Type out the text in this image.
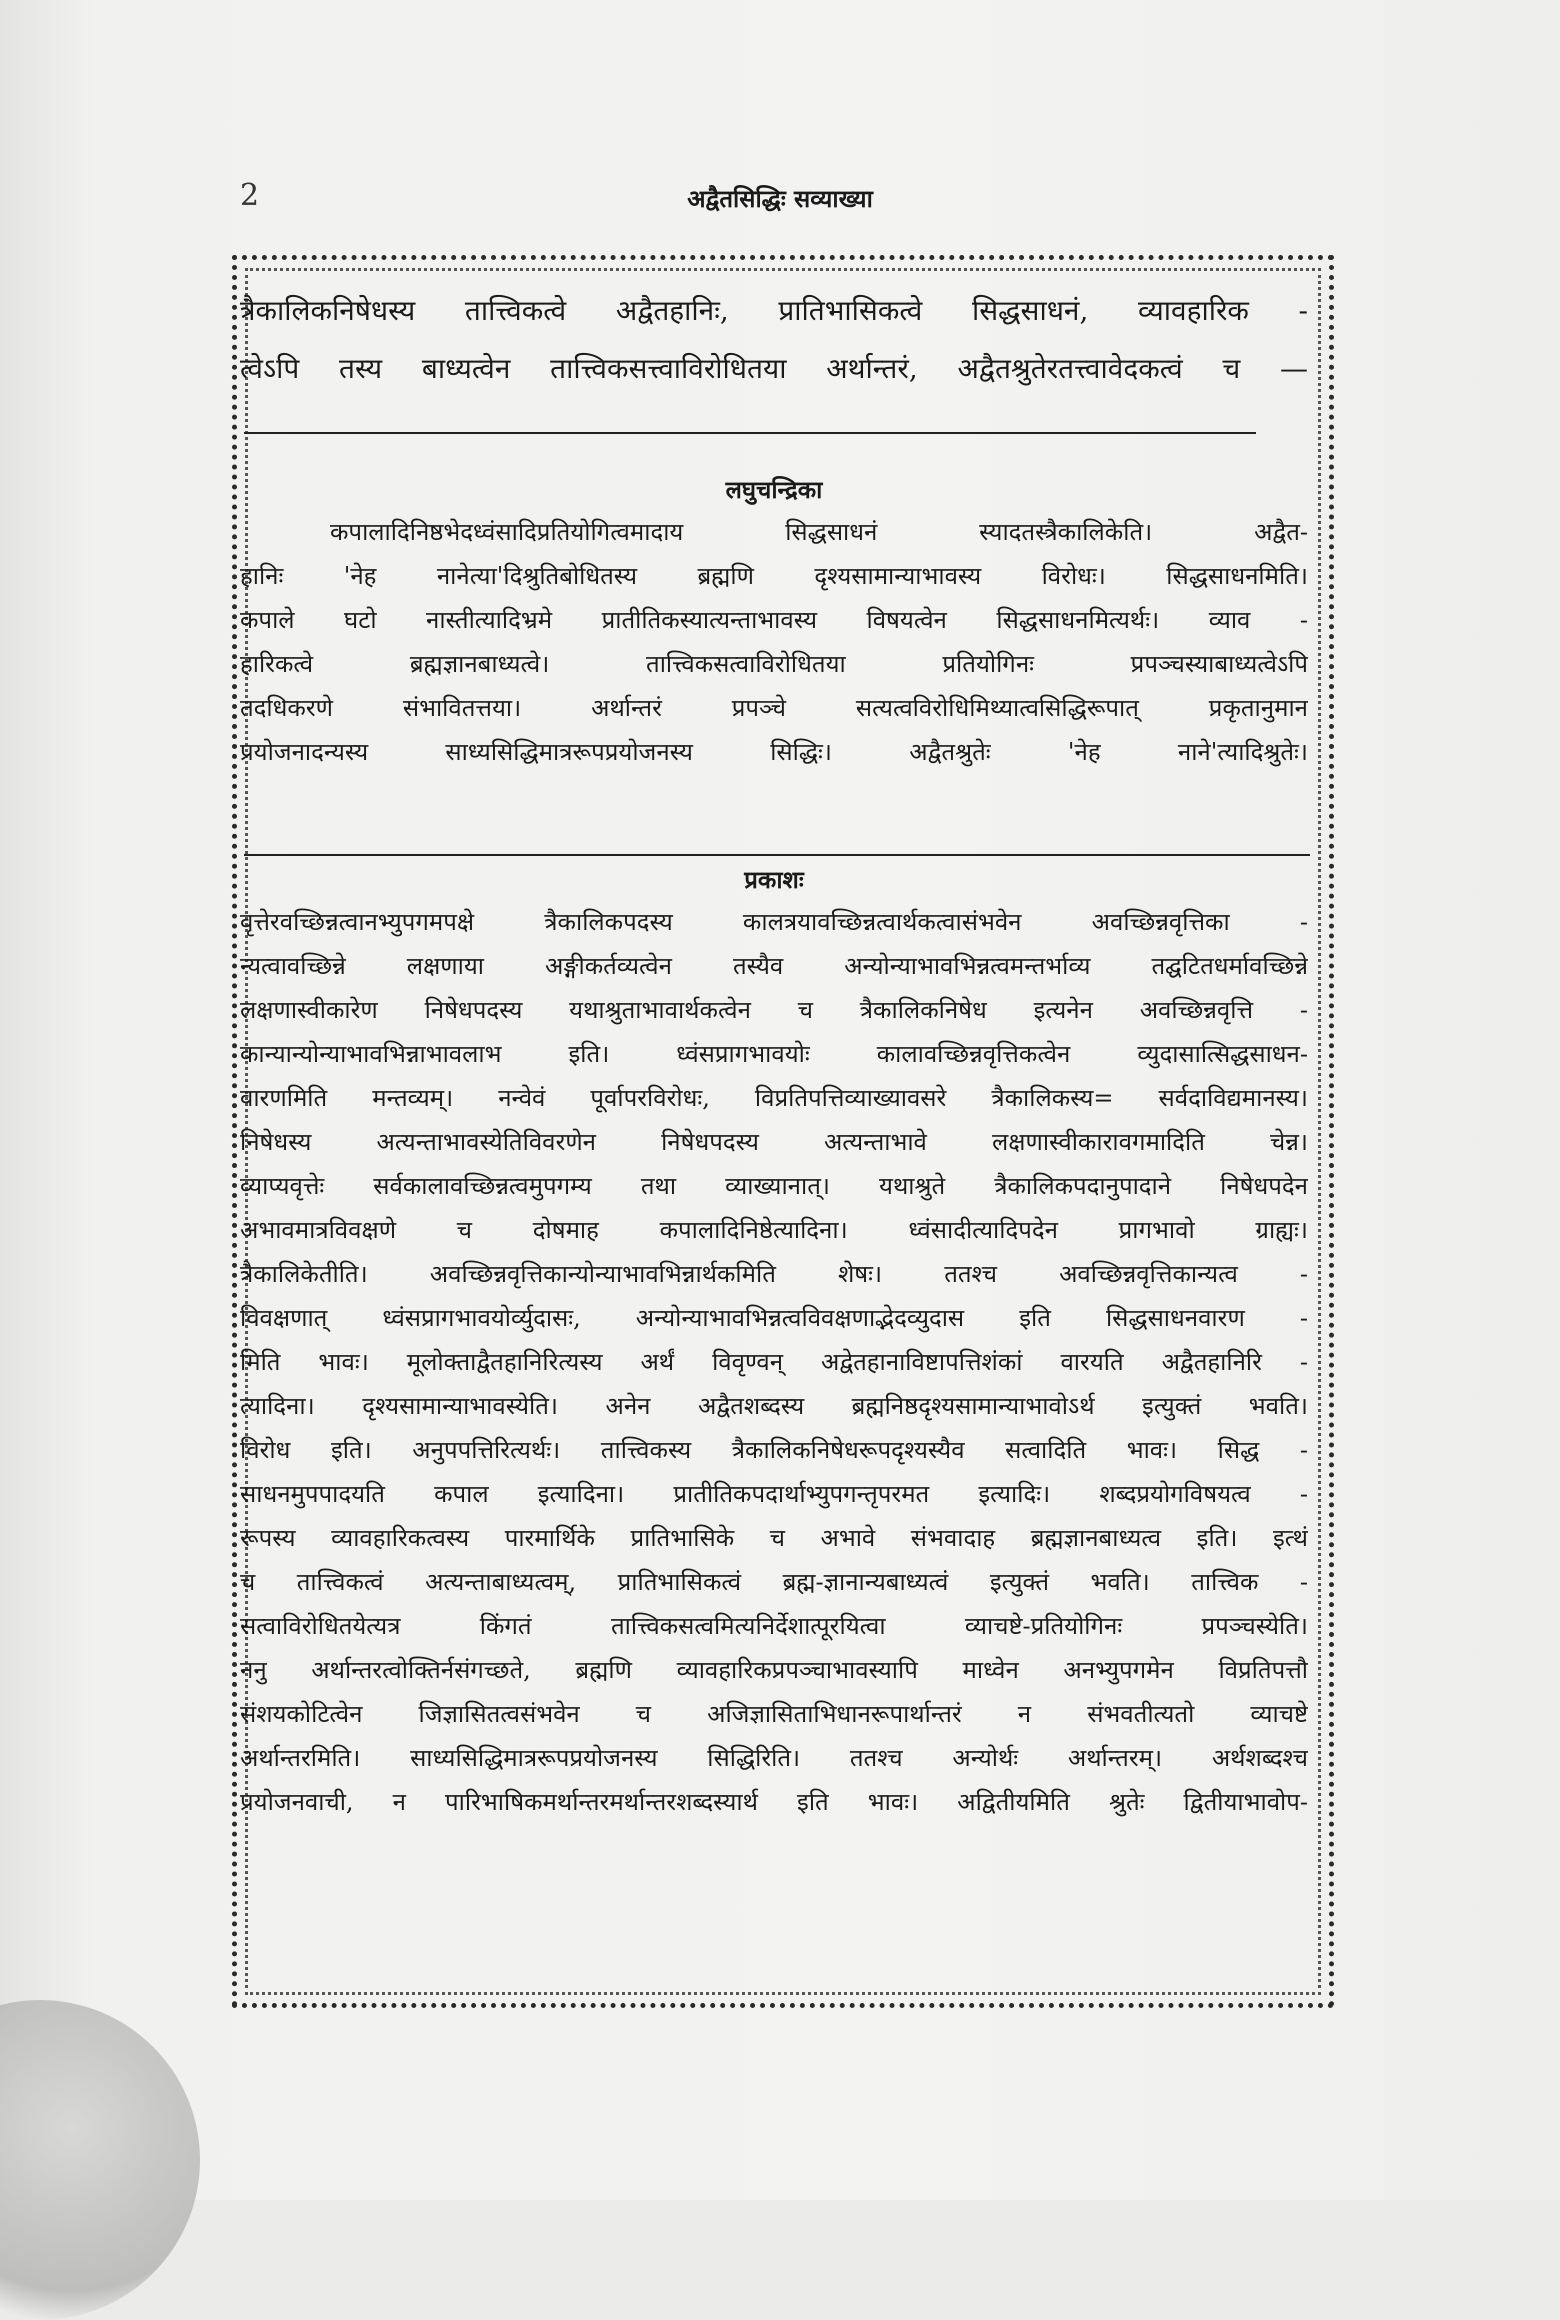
2	अद्वैतसिद्धिः सव्याख्या
त्रैकालिकनिषेधस्य तात्त्विकत्वे अद्वैतहानिः, प्रातिभासिकत्वे सिद्धसाधनं, व्यावहारिक -
त्वेऽपि तस्य बाध्यत्वेन तात्त्विकसत्त्वाविरोधितया अर्थान्तरं, अद्वैतश्रुतेरतत्त्वावेदकत्वं च —
लघुचन्द्रिका
कपालादिनिष्ठभेदध्वंसादिप्रतियोगित्वमादाय सिद्धसाधनं स्यादतस्त्रैकालिकेति। अद्वैत-
हानिः 'नेह नानेत्या'दिश्रुतिबोधितस्य ब्रह्मणि दृश्यसामान्याभावस्य विरोधः। सिद्धसाधनमिति।
कपाले घटो नास्तीत्यादिभ्रमे प्रातीतिकस्यात्यन्ताभावस्य विषयत्वेन सिद्धसाधनमित्यर्थः। व्याव -
हारिकत्वे ब्रह्मज्ञानबाध्यत्वे। तात्त्विकसत्वाविरोधितया प्रतियोगिनः प्रपञ्चस्याबाध्यत्वेऽपि
तदधिकरणे संभावितत्तया। अर्थान्तरं प्रपञ्चे सत्यत्वविरोधिमिथ्यात्वसिद्धिरूपात् प्रकृतानुमान
प्रयोजनादन्यस्य साध्यसिद्धिमात्ररूपप्रयोजनस्य सिद्धिः। अद्वैतश्रुतेः 'नेह नाने'त्यादिश्रुतेः।
प्रकाशः
वृत्तेरवच्छिन्नत्वानभ्युपगमपक्षे त्रैकालिकपदस्य कालत्रयावच्छिन्नत्वार्थकत्वासंभवेन अवच्छिन्नवृत्तिका -
न्यत्वावच्छिन्ने लक्षणाया अङ्गीकर्तव्यत्वेन तस्यैव अन्योन्याभावभिन्नत्वमन्तर्भाव्य तद्घटितधर्मावच्छिन्ने
लक्षणास्वीकारेण निषेधपदस्य यथाश्रुताभावार्थकत्वेन च त्रैकालिकनिषेध इत्यनेन अवच्छिन्नवृत्ति -
कान्यान्योन्याभावभिन्नाभावलाभ इति। ध्वंसप्रागभावयोः कालावच्छिन्नवृत्तिकत्वेन व्युदासात्सिद्धसाधन-
वारणमिति मन्तव्यम्। नन्वेवं पूर्वापरविरोधः, विप्रतिपत्तिव्याख्यावसरे त्रैकालिकस्य= सर्वदाविद्यमानस्य।
निषेधस्य अत्यन्ताभावस्येतिविवरणेन निषेधपदस्य अत्यन्ताभावे लक्षणास्वीकारावगमादिति चेन्न।
व्याप्यवृत्तेः सर्वकालावच्छिन्नत्वमुपगम्य तथा व्याख्यानात्। यथाश्रुते त्रैकालिकपदानुपादाने निषेधपदेन
अभावमात्रविवक्षणे च दोषमाह कपालादिनिष्ठेत्यादिना। ध्वंसादीत्यादिपदेन प्रागभावो ग्राह्यः।
त्रैकालिकेतीति। अवच्छिन्नवृत्तिकान्योन्याभावभिन्नार्थकमिति शेषः। ततश्च अवच्छिन्नवृत्तिकान्यत्व -
विवक्षणात् ध्वंसप्रागभावयोर्व्युदासः, अन्योन्याभावभिन्नत्वविवक्षणाद्भेदव्युदास इति सिद्धसाधनवारण -
मिति भावः। मूलोक्ताद्वैतहानिरित्यस्य अर्थं विवृण्वन् अद्वेतहानाविष्टापत्तिशंकां वारयति अद्वैतहानिरि -
त्यादिना। दृश्यसामान्याभावस्येति। अनेन अद्वैतशब्दस्य ब्रह्मनिष्ठदृश्यसामान्याभावोऽर्थ इत्युक्तं भवति।
विरोध इति। अनुपपत्तिरित्यर्थः। तात्त्विकस्य त्रैकालिकनिषेधरूपदृश्यस्यैव सत्वादिति भावः। सिद्ध -
साधनमुपपादयति कपाल इत्यादिना। प्रातीतिकपदार्थाभ्युपगन्तृपरमत इत्यादिः। शब्दप्रयोगविषयत्व -
रूपस्य व्यावहारिकत्वस्य पारमार्थिके प्रातिभासिके च अभावे संभवादाह ब्रह्मज्ञानबाध्यत्व इति। इत्थं
च तात्त्विकत्वं अत्यन्ताबाध्यत्वम्, प्रातिभासिकत्वं ब्रह्म-ज्ञानान्यबाध्यत्वं इत्युक्तं भवति। तात्त्विक -
सत्वाविरोधितयेत्यत्र किंगतं तात्त्विकसत्वमित्यनिर्देशात्पूरयित्वा व्याचष्टे-प्रतियोगिनः प्रपञ्चस्येति।
ननु अर्थान्तरत्वोक्तिर्नसंगच्छते, ब्रह्मणि व्यावहारिकप्रपञ्चाभावस्यापि माध्वेन अनभ्युपगमेन विप्रतिपत्तौ
संशयकोटित्वेन जिज्ञासितत्वसंभवेन च अजिज्ञासिताभिधानरूपार्थान्तरं न संभवतीत्यतो व्याचष्टे
अर्थान्तरमिति। साध्यसिद्धिमात्ररूपप्रयोजनस्य सिद्धिरिति। ततश्च अन्योर्थः अर्थान्तरम्। अर्थशब्दश्च
प्रयोजनवाची, न पारिभाषिकमर्थान्तरमर्थान्तरशब्दस्यार्थ इति भावः। अद्वितीयमिति श्रुतेः द्वितीयाभावोप-
